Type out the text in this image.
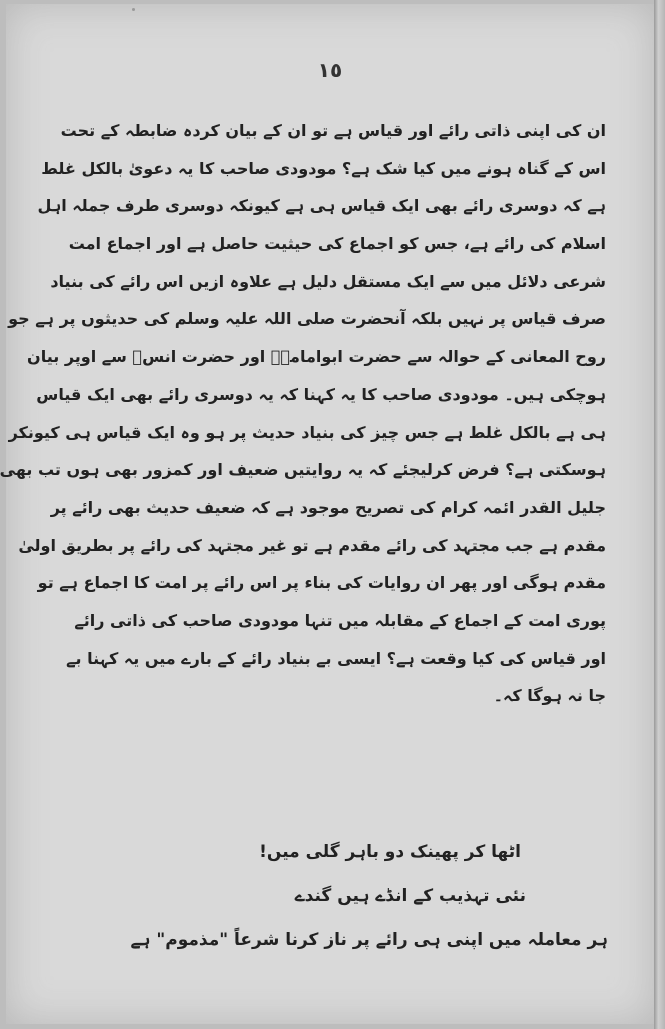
١٥
ان کی اپنی ذاتی رائے اور قیاس ہے تو ان کے بیان کردہ ضابطہ کے تحت
اس کے گناہ ہونے میں کیا شک ہے؟ مودودی صاحب کا یہ دعویٰ بالکل غلط
ہے کہ دوسری رائے بھی ایک قیاس ہی ہے کیونکہ دوسری طرف جملہ اہل
اسلام کی رائے ہے، جس کو اجماع کی حیثیت حاصل ہے اور اجماع امت
شرعی دلائل میں سے ایک مستقل دلیل ہے علاوہ ازیں اس رائے کی بنیاد
صرف قیاس پر نہیں بلکہ آنحضرت صلی اللہ علیہ وسلم کی حدیثوں پر ہے جو
روح المعانی کے حوالہ سے حضرت ابوامامہؓ اور حضرت انسؓ سے اوپر بیان
ہوچکی ہیں۔ مودودی صاحب کا یہ کہنا کہ یہ دوسری رائے بھی ایک قیاس
ہی ہے بالکل غلط ہے جس چیز کی بنیاد حدیث پر ہو وہ ایک قیاس ہی کیونکر
ہوسکتی ہے؟ فرض کرلیجئے کہ یہ روایتیں ضعیف اور کمزور بھی ہوں تب بھی
جلیل القدر ائمہ کرام کی تصریح موجود ہے کہ ضعیف حدیث بھی رائے پر
مقدم ہے جب مجتہد کی رائے مقدم ہے تو غیر مجتہد کی رائے پر بطریق اولیٰ
مقدم ہوگی اور پھر ان روایات کی بناء پر اس رائے پر امت کا اجماع ہے تو
پوری امت کے اجماع کے مقابلہ میں تنہا مودودی صاحب کی ذاتی رائے
اور قیاس کی کیا وقعت ہے؟ ایسی بے بنیاد رائے کے بارے میں یہ کہنا بے
جا نہ ہوگا کہ۔
اٹھا کر پھینک دو باہر گلی میں!
نئی تہذیب کے انڈے ہیں گندے
ہر معاملہ میں اپنی ہی رائے پر ناز کرنا شرعاً "مذموم" ہے
